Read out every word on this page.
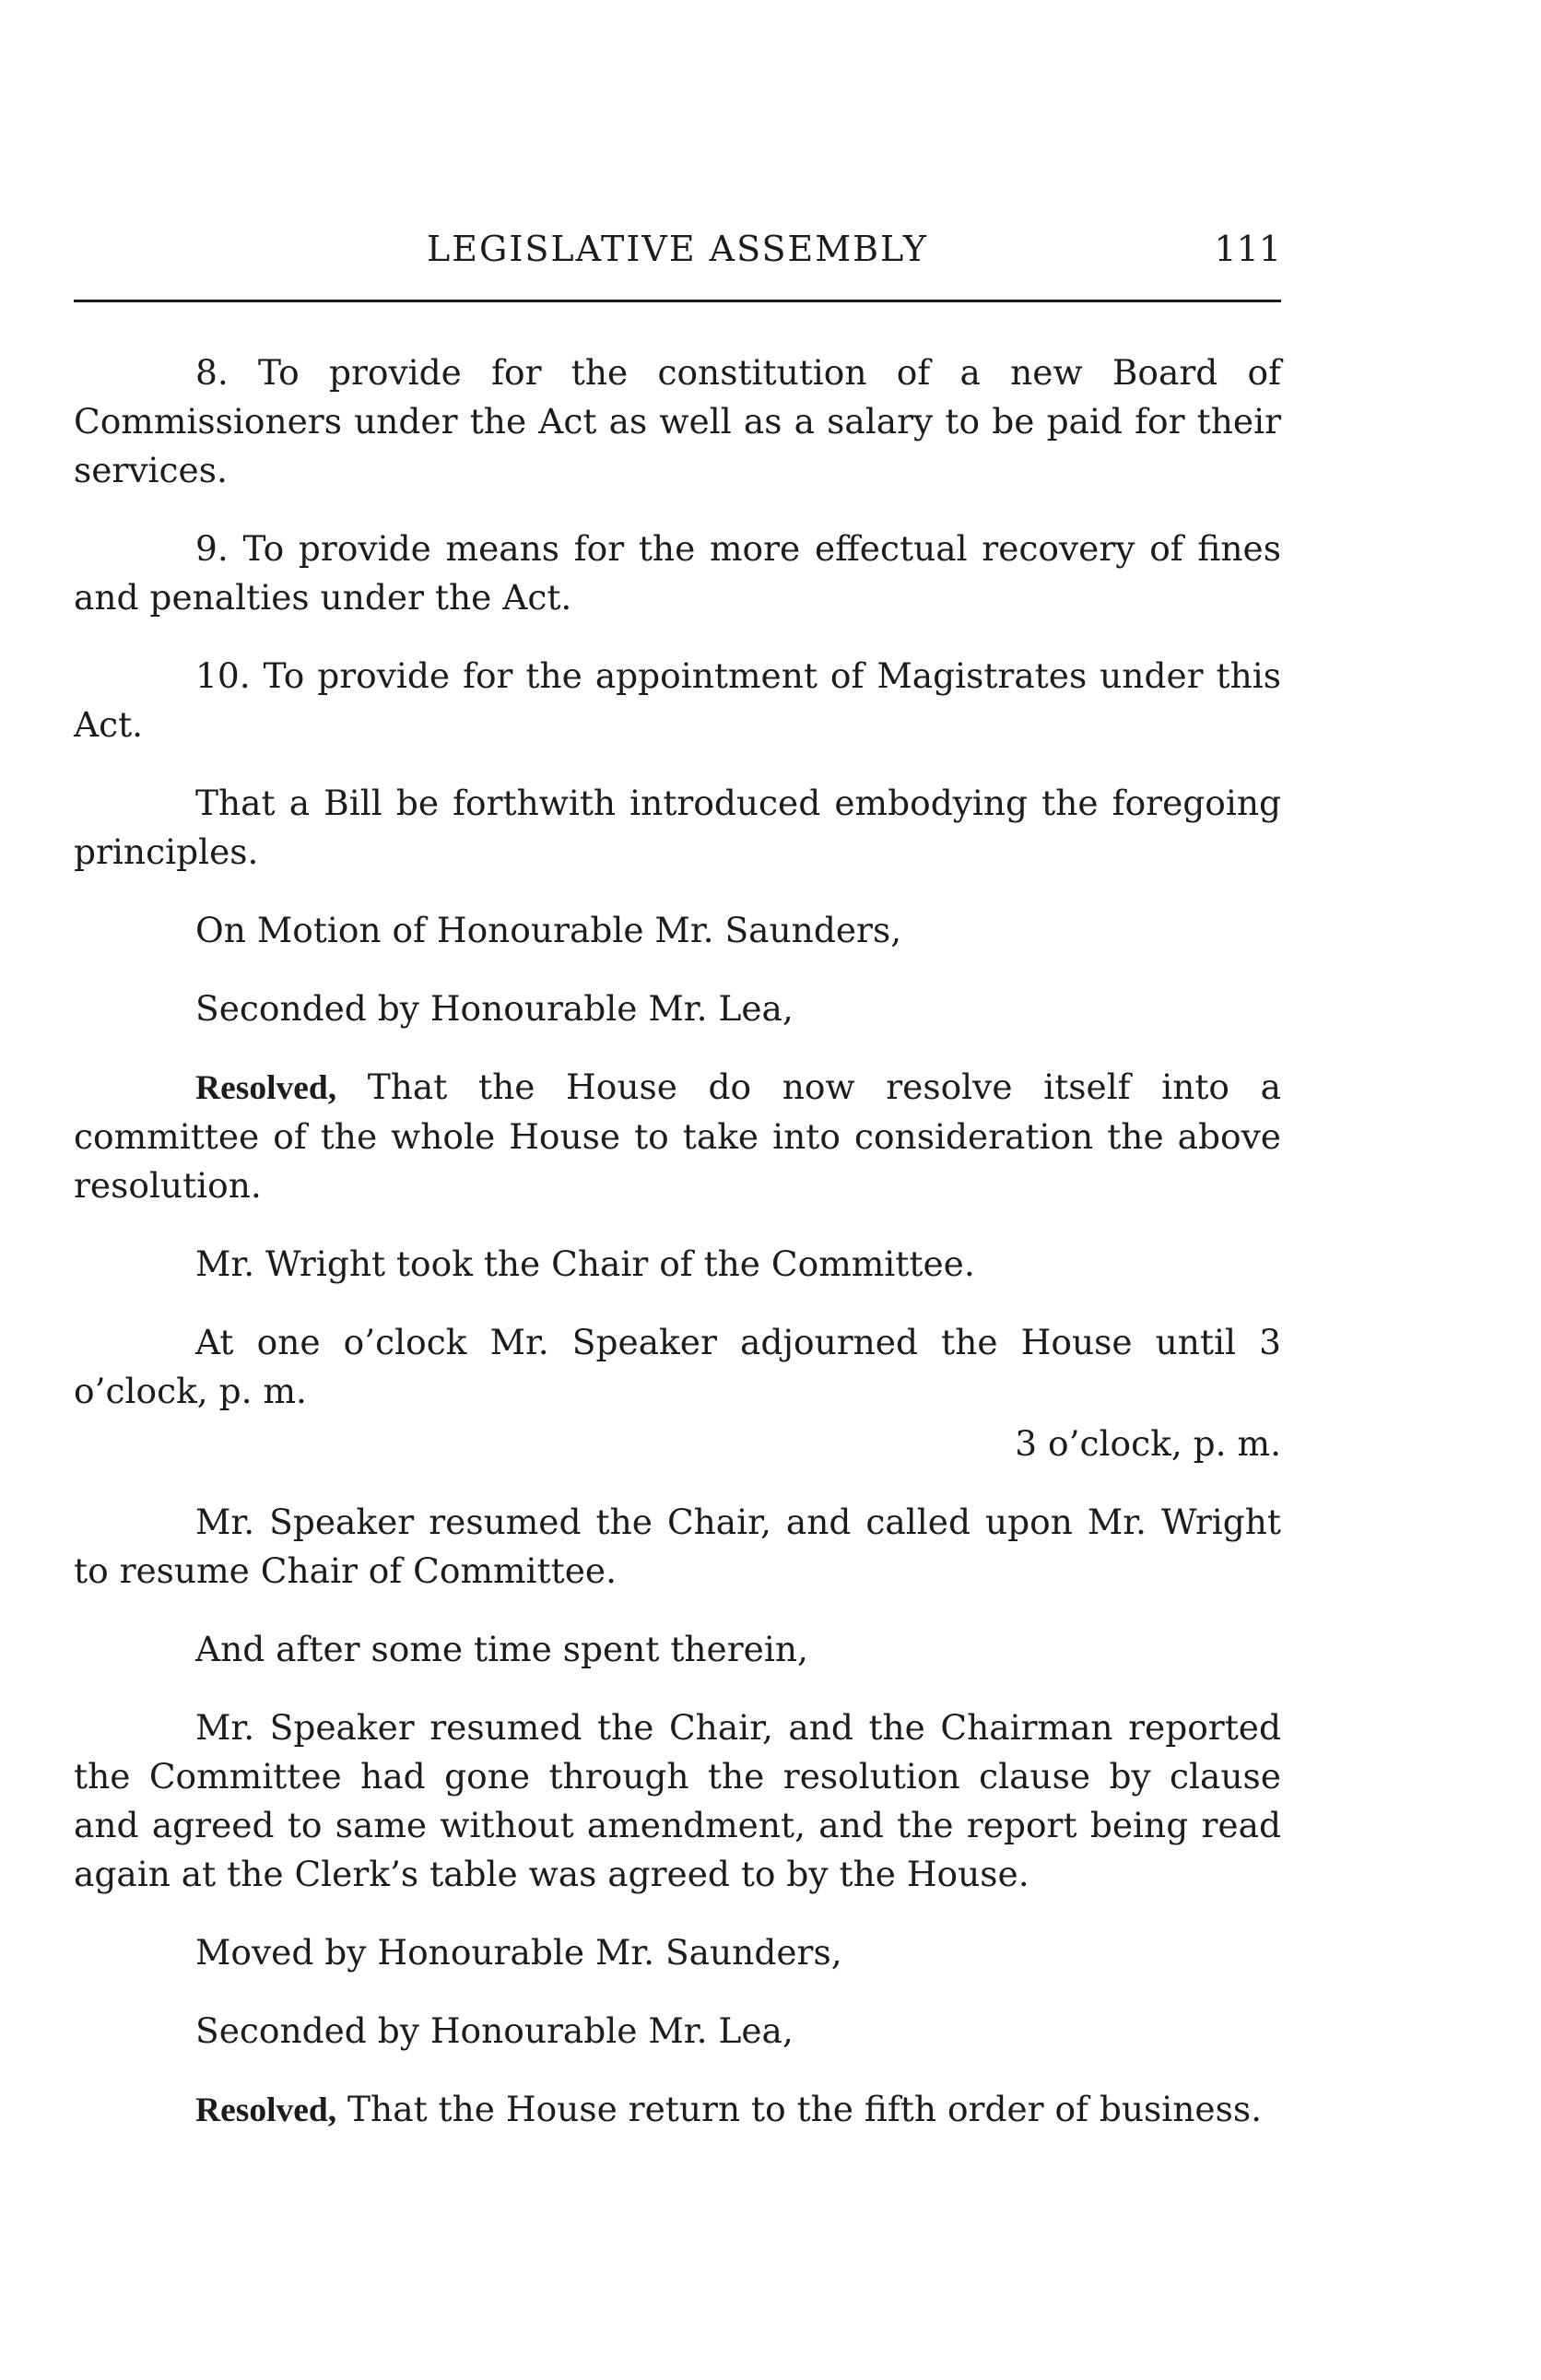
LEGISLATIVE ASSEMBLY	111

8. To provide for the constitution of a new Board of Commissioners under the Act as well as a salary to be paid for their services.

9. To provide means for the more effectual recovery of fines and penalties under the Act.

10. To provide for the appointment of Magistrates under this Act.

That a Bill be forthwith introduced embodying the foregoing principles.

On Motion of Honourable Mr. Saunders,

Seconded by Honourable Mr. Lea,

Resolved, That the House do now resolve itself into a committee of the whole House to take into consideration the above resolution.

Mr. Wright took the Chair of the Committee.

At one o’clock Mr. Speaker adjourned the House until 3 o’clock, p. m.

3 o’clock, p. m.

Mr. Speaker resumed the Chair, and called upon Mr. Wright to resume Chair of Committee.

And after some time spent therein,

Mr. Speaker resumed the Chair, and the Chairman reported the Committee had gone through the resolution clause by clause and agreed to same without amendment, and the report being read again at the Clerk’s table was agreed to by the House.

Moved by Honourable Mr. Saunders,

Seconded by Honourable Mr. Lea,

Resolved, That the House return to the fifth order of business.
